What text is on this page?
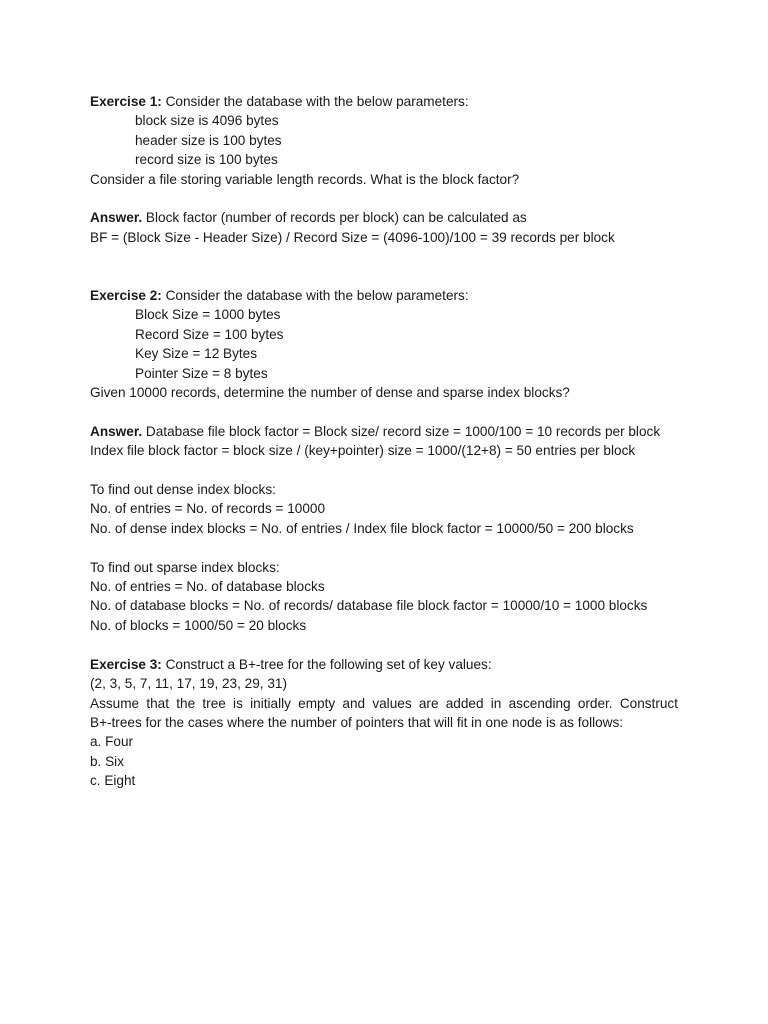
Exercise 1: Consider the database with the below parameters:
block size is 4096 bytes
header size is 100 bytes
record size is 100 bytes
Consider a file storing variable length records. What is the block factor?
Answer. Block factor (number of records per block) can be calculated as
BF = (Block Size - Header Size) / Record Size = (4096-100)/100 = 39 records per block
Exercise 2: Consider the database with the below parameters:
Block Size = 1000 bytes
Record Size = 100 bytes
Key Size = 12 Bytes
Pointer Size = 8 bytes
Given 10000 records, determine the number of dense and sparse index blocks?
Answer. Database file block factor = Block size/ record size = 1000/100 = 10 records per block
Index file block factor = block size / (key+pointer) size = 1000/(12+8) = 50 entries per block
To find out dense index blocks:
No. of entries = No. of records = 10000
No. of dense index blocks = No. of entries / Index file block factor = 10000/50 = 200 blocks
To find out sparse index blocks:
No. of entries = No. of database blocks
No. of database blocks = No. of records/ database file block factor = 10000/10 = 1000 blocks
No. of blocks = 1000/50 = 20 blocks
Exercise 3: Construct a B+-tree for the following set of key values:
(2, 3, 5, 7, 11, 17, 19, 23, 29, 31)
Assume that the tree is initially empty and values are added in ascending order. Construct
B+-trees for the cases where the number of pointers that will fit in one node is as follows:
a. Four
b. Six
c. Eight
